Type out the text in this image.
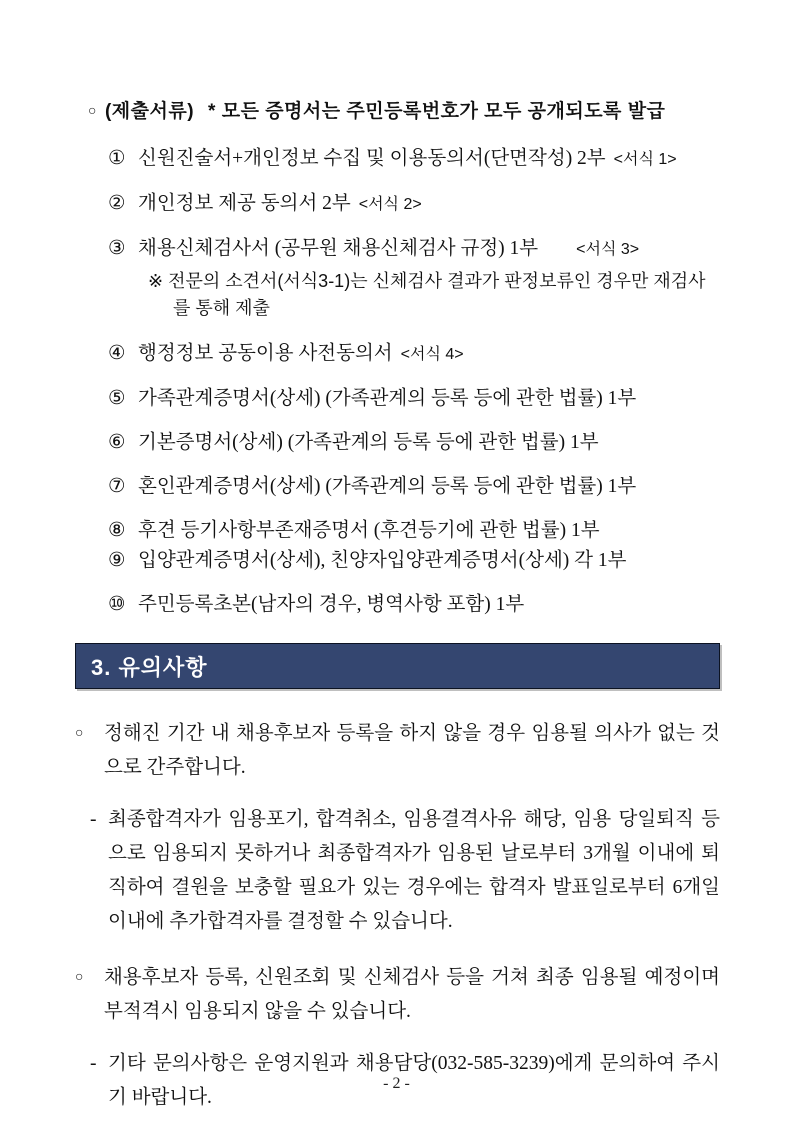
○ (제출서류) * 모든 증명서는 주민등록번호가 모두 공개되도록 발급
① 신원진술서+개인정보 수집 및 이용동의서(단면작성) 2부 <서식 1>
② 개인정보 제공 동의서 2부 <서식 2>
③ 채용신체검사서 (공무원 채용신체검사 규정) 1부 <서식 3>
※ 전문의 소견서(서식3-1)는 신체검사 결과가 판정보류인 경우만 재검사를 통해 제출
④ 행정정보 공동이용 사전동의서 <서식 4>
⑤ 가족관계증명서(상세) (가족관계의 등록 등에 관한 법률) 1부
⑥ 기본증명서(상세) (가족관계의 등록 등에 관한 법률) 1부
⑦ 혼인관계증명서(상세) (가족관계의 등록 등에 관한 법률) 1부
⑧ 후견 등기사항부존재증명서 (후견등기에 관한 법률) 1부
⑨ 입양관계증명서(상세), 친양자입양관계증명서(상세) 각 1부
⑩ 주민등록초본(남자의 경우, 병역사항 포함) 1부
3. 유의사항
○	정해진 기간 내 채용후보자 등록을 하지 않을 경우 임용될 의사가 없는 것으로 간주합니다.
- 최종합격자가 임용포기, 합격취소, 임용결격사유 해당, 임용 당일퇴직 등으로 임용되지 못하거나 최종합격자가 임용된 날로부터 3개월 이내에 퇴직하여 결원을 보충할 필요가 있는 경우에는 합격자 발표일로부터 6개일 이내에 추가합격자를 결정할 수 있습니다.
○	채용후보자 등록, 신원조회 및 신체검사 등을 거쳐 최종 임용될 예정이며 부적격시 임용되지 않을 수 있습니다.
- 기타 문의사항은 운영지원과 채용담당(032-585-3239)에게 문의하여 주시기 바랍니다.
- 2 -
